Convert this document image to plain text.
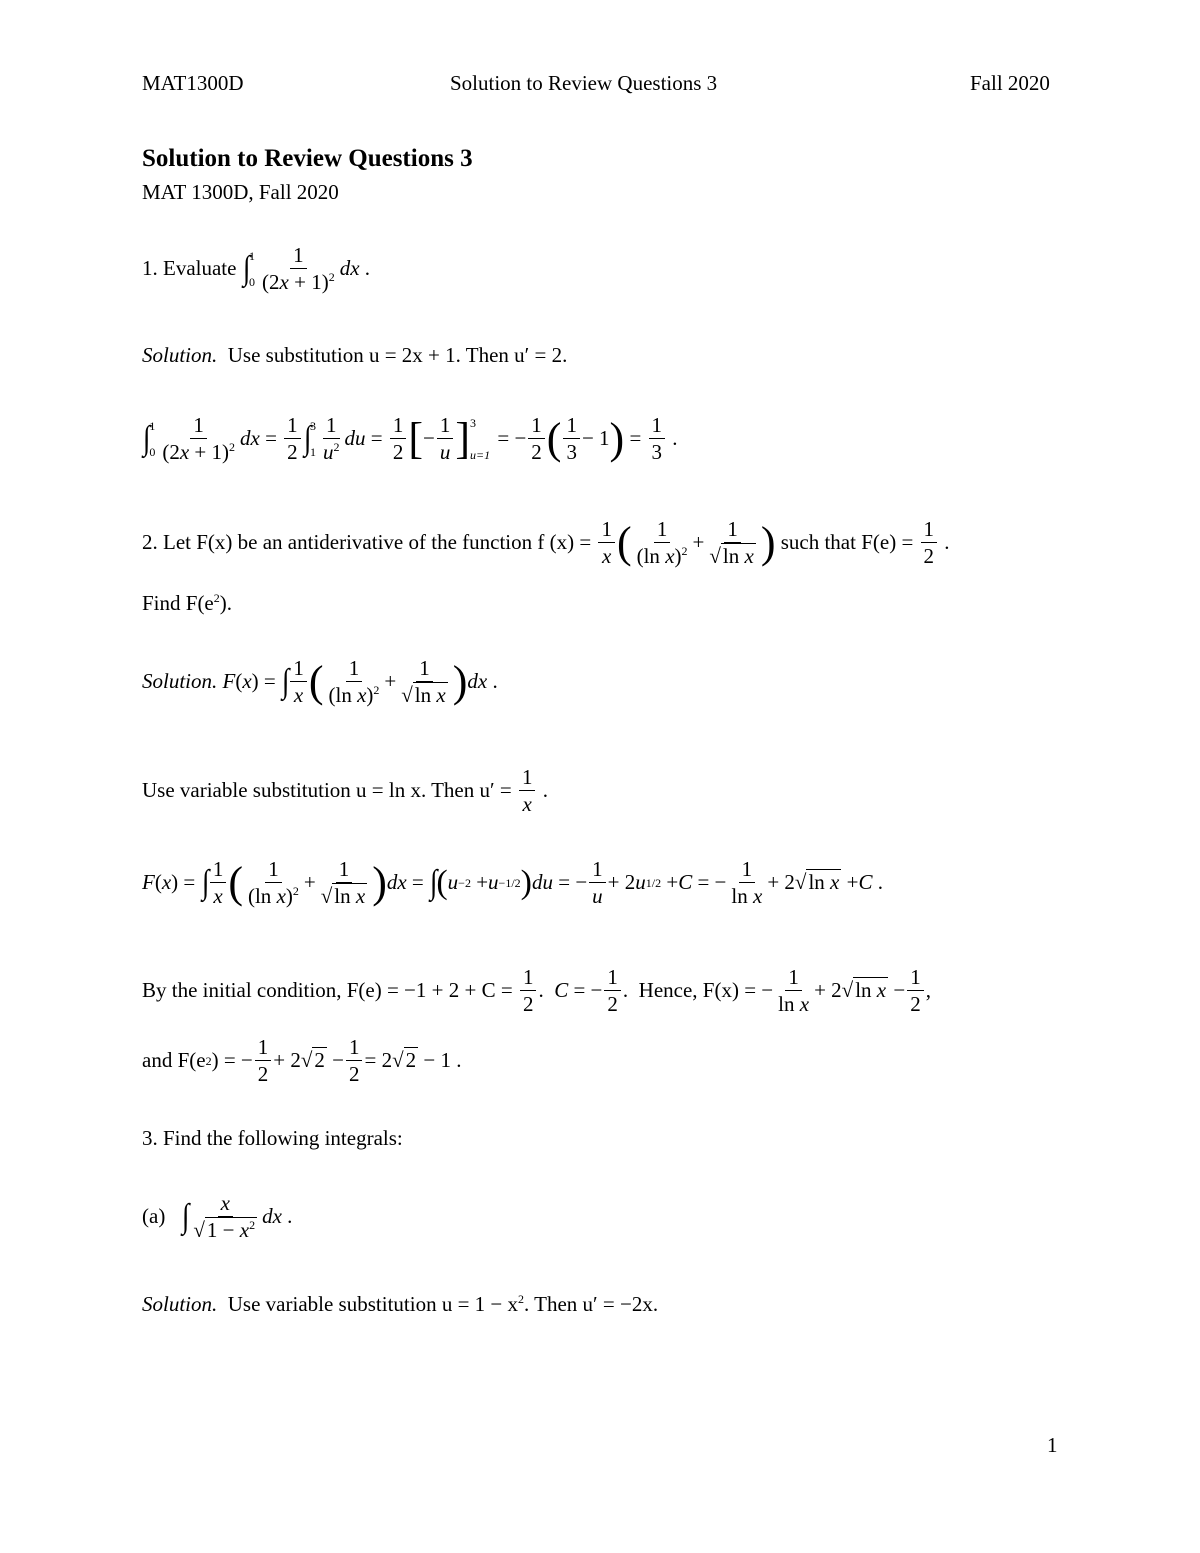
MAT1300D	Solution to Review Questions 3	Fall 2020
Solution to Review Questions 3
MAT 1300D, Fall 2020
1. Evaluate
∫
1
$0 \frac{1}{(2x + 1)^2}$ dx .
Solution. Use substitution u = 2x + 1. Then u′ = 2.
∫
1
$0 \frac{1}{(2x + 1)^2}$ dx = $\frac{1}{2}$ ∫
3
$1 \frac{1}{u^2}$ du = $\frac{1}{2}$ [ − $\frac{1}{u}$ ] 3
u=1
= − $\frac{1}{2}$ ( $\frac{1}{3} - 1$ ) = $\frac{1}{3}$ .
2. Let F(x) be an antiderivative of the function f (x) =
$\frac{1}{x}$ ( $\frac{1}{(\ln x)^2} + \frac{1}{\text{√ln x}}$ )
such that F(e) =
$\frac{1}{2}$ .
Find $F(e^2)$.
Solution.
F ( x ) = ∫ $\frac{1}{x}$ ( $\frac{1}{(\ln x)^2} + \frac{1}{\text{√ln x}}$ ) dx .
Use variable substitution u = ln x. Then u′ =
$\frac{1}{x}$ .
F ( x ) = ∫ $\frac{1}{x}$ ( $\frac{1}{(\ln x)^2} + \frac{1}{\text{√ln x}}$ ) dx = ∫
( u −2 + u −1/2 ) du = − $\frac{1}{u} + 2$ u 1/2 + C = − $\frac{1}{\text{ln x}} + 2$ √ln x + C .
By the initial condition, F(e) = −1 + 2 + C =
$\frac{1}{2}$ . C = − $\frac{1}{2}$ . Hence, F(x) = − $\frac{1}{\text{ln x}} + 2$ √ln $x - \frac{1}{2}$ ,
and F(e 2 ) = − $\frac{1}{2} + 2$ $√2 - \frac{1}{2} = 2$ √2 − 1 .
3. Find the following integrals:
(a)
∫ $\frac{x}{√1 - x^2}$ dx .
Solution. Use variable substitution $u = 1 - x^2$. Then u′ = −2x.
1
